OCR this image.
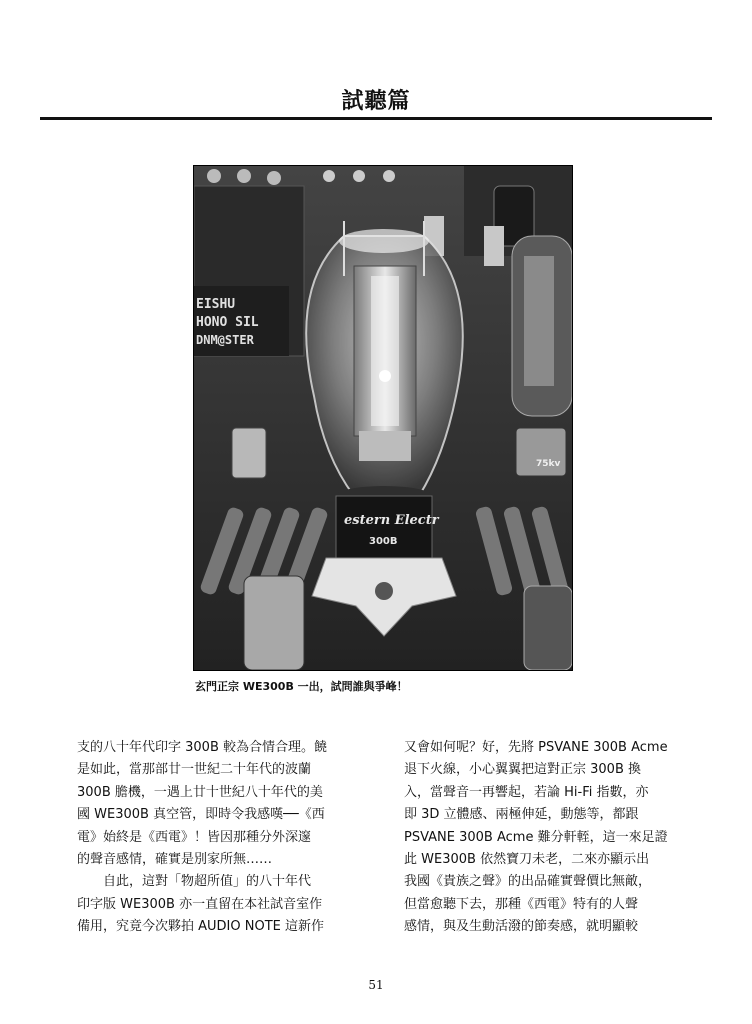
試聽篇
EISHU
HONO SIL
DNM@STER
75kv
estern Electr
300B
玄門正宗 WE300B 一出，試問誰與爭峰！

支的八十年代印字 300B 較為合情合理。饒
是如此，當那部廿一世紀二十年代的波蘭
300B 膽機，一遇上廿十世紀八十年代的美
國 WE300B 真空管，即時令我感嘆──《西
電》始終是《西電》！皆因那種分外深邃
的聲音感情，確實是別家所無……

　　自此，這對「物超所值」的八十年代
印字版 WE300B 亦一直留在本社試音室作
備用，究竟今次夥拍 AUDIO NOTE 這新作

又會如何呢？好，先將 PSVANE 300B Acme
退下火線，小心翼翼把這對正宗 300B 換
入，當聲音一再響起，若論 Hi-Fi 指數，亦
即 3D 立體感、兩極伸延，動態等，都跟
PSVANE 300B Acme 難分軒輊，這一來足證
此 WE300B 依然寶刀未老，二來亦顯示出
我國《貴族之聲》的出品確實聲價比無敵，
但當愈聽下去，那種《西電》特有的人聲
感情，與及生動活潑的節奏感，就明顯較

51
